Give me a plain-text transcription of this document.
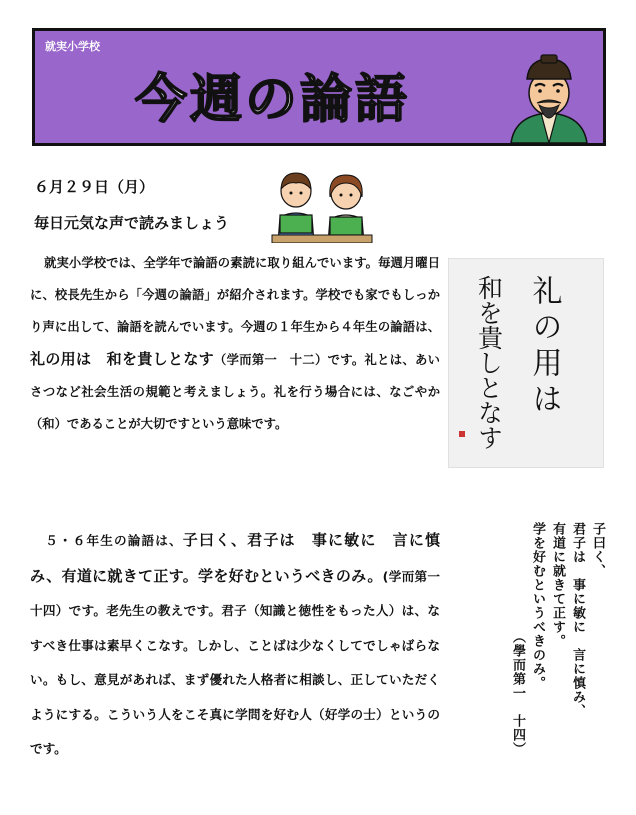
就実小学校
今週の論語
６月２９日（月）
毎日元気な声で読みましょう
就実小学校では、全学年で論語の素読に取り組んでいます。毎週月曜日に、校長先生から「今週の論語」が紹介されます。学校でも家でもしっかり声に出して、論語を読んでいます。今週の１年生から４年生の論語は、礼の用は　和を貴しとなす（学而第一　十二）です。礼とは、あいさつなど社会生活の規範と考えましょう。礼を行う場合には、なごやか（和）であることが大切ですという意味です。
礼の用は
和を貴しとなす
５・６年生の論語は、子曰く、君子は　事に敏に　言に慎み、有道に就きて正す。学を好むというべきのみ。(学而第一　十四）です。老先生の教えです。君子（知識と徳性をもった人）は、なすべき仕事は素早くこなす。しかし、ことばは少なくしてでしゃばらない。もし、意見があれば、まず優れた人格者に相談し、正していただくようにする。こういう人をこそ真に学問を好む人（好学の士）というのです。
子曰く、
君子は　事に敏に　言に慎み、
有道に就きて正す。
学を好むというべきのみ。
（學而第一　十四）
